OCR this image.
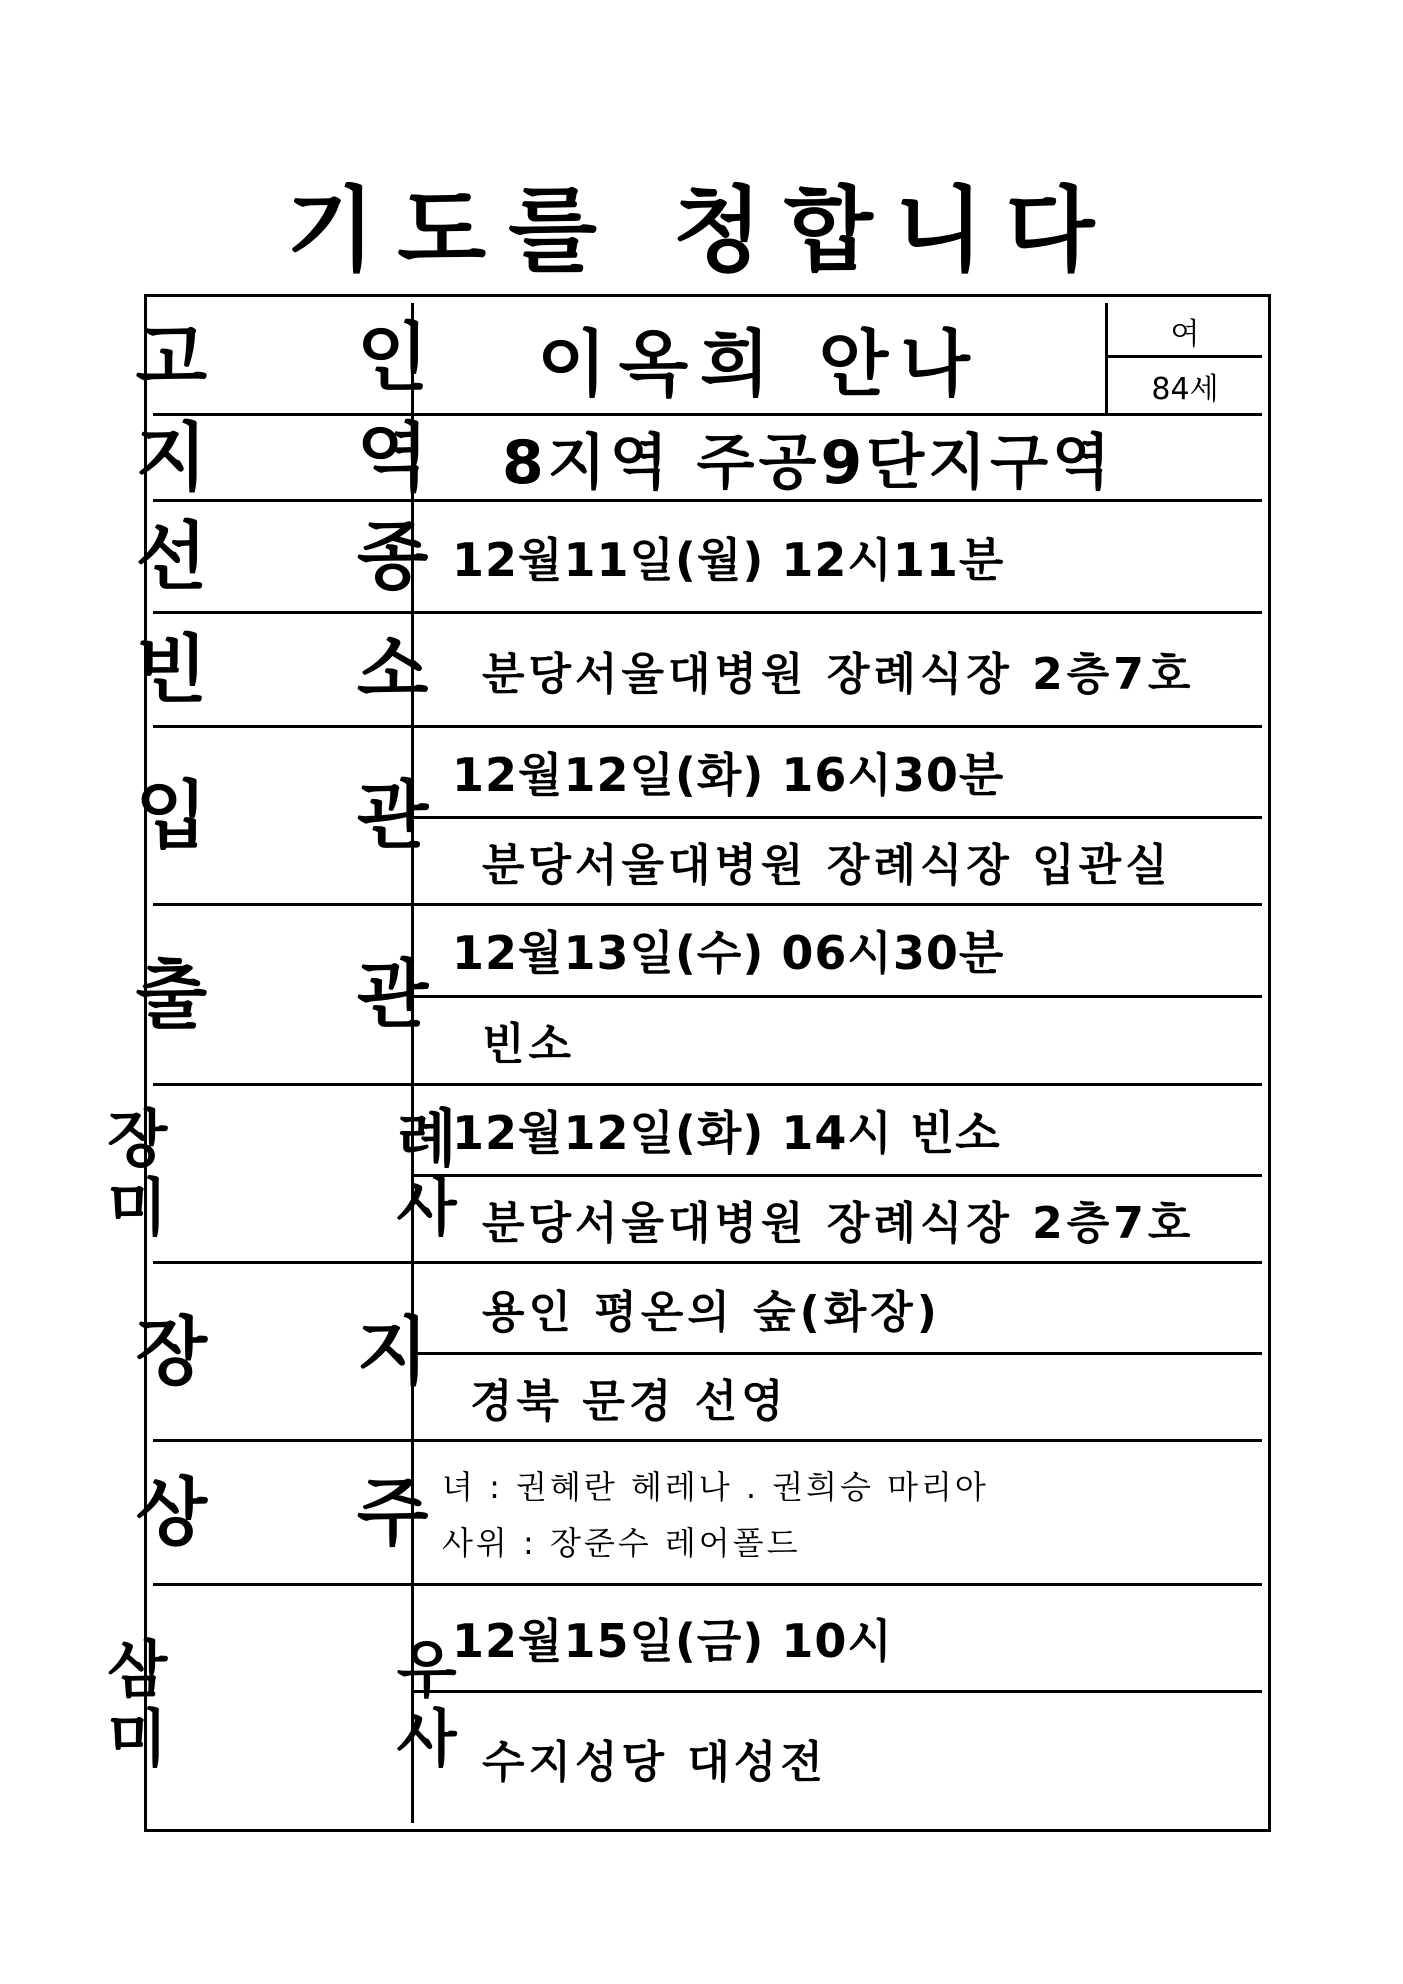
기도를 청합니다
고 인 이옥희 안나	여
84세
지 역 8지역 주공9단지구역
선 종
12월11일(월) 12시11분
빈 소
분당서울대병원 장례식장 2층7호
입 관
12월12일(화) 16시30분
분당서울대병원 장례식장 입관실
출 관
12월13일(수) 06시30분
빈소
장 례
미 사
12월12일(화) 14시 빈소
분당서울대병원 장례식장 2층7호
장 지
용인 평온의 숲(화장)
경북 문경 선영
상 주
녀 : 권혜란 헤레나 . 권희승 마리아
사위 : 장준수 레어폴드
삼 우
미 사
12월15일(금) 10시
수지성당 대성전
